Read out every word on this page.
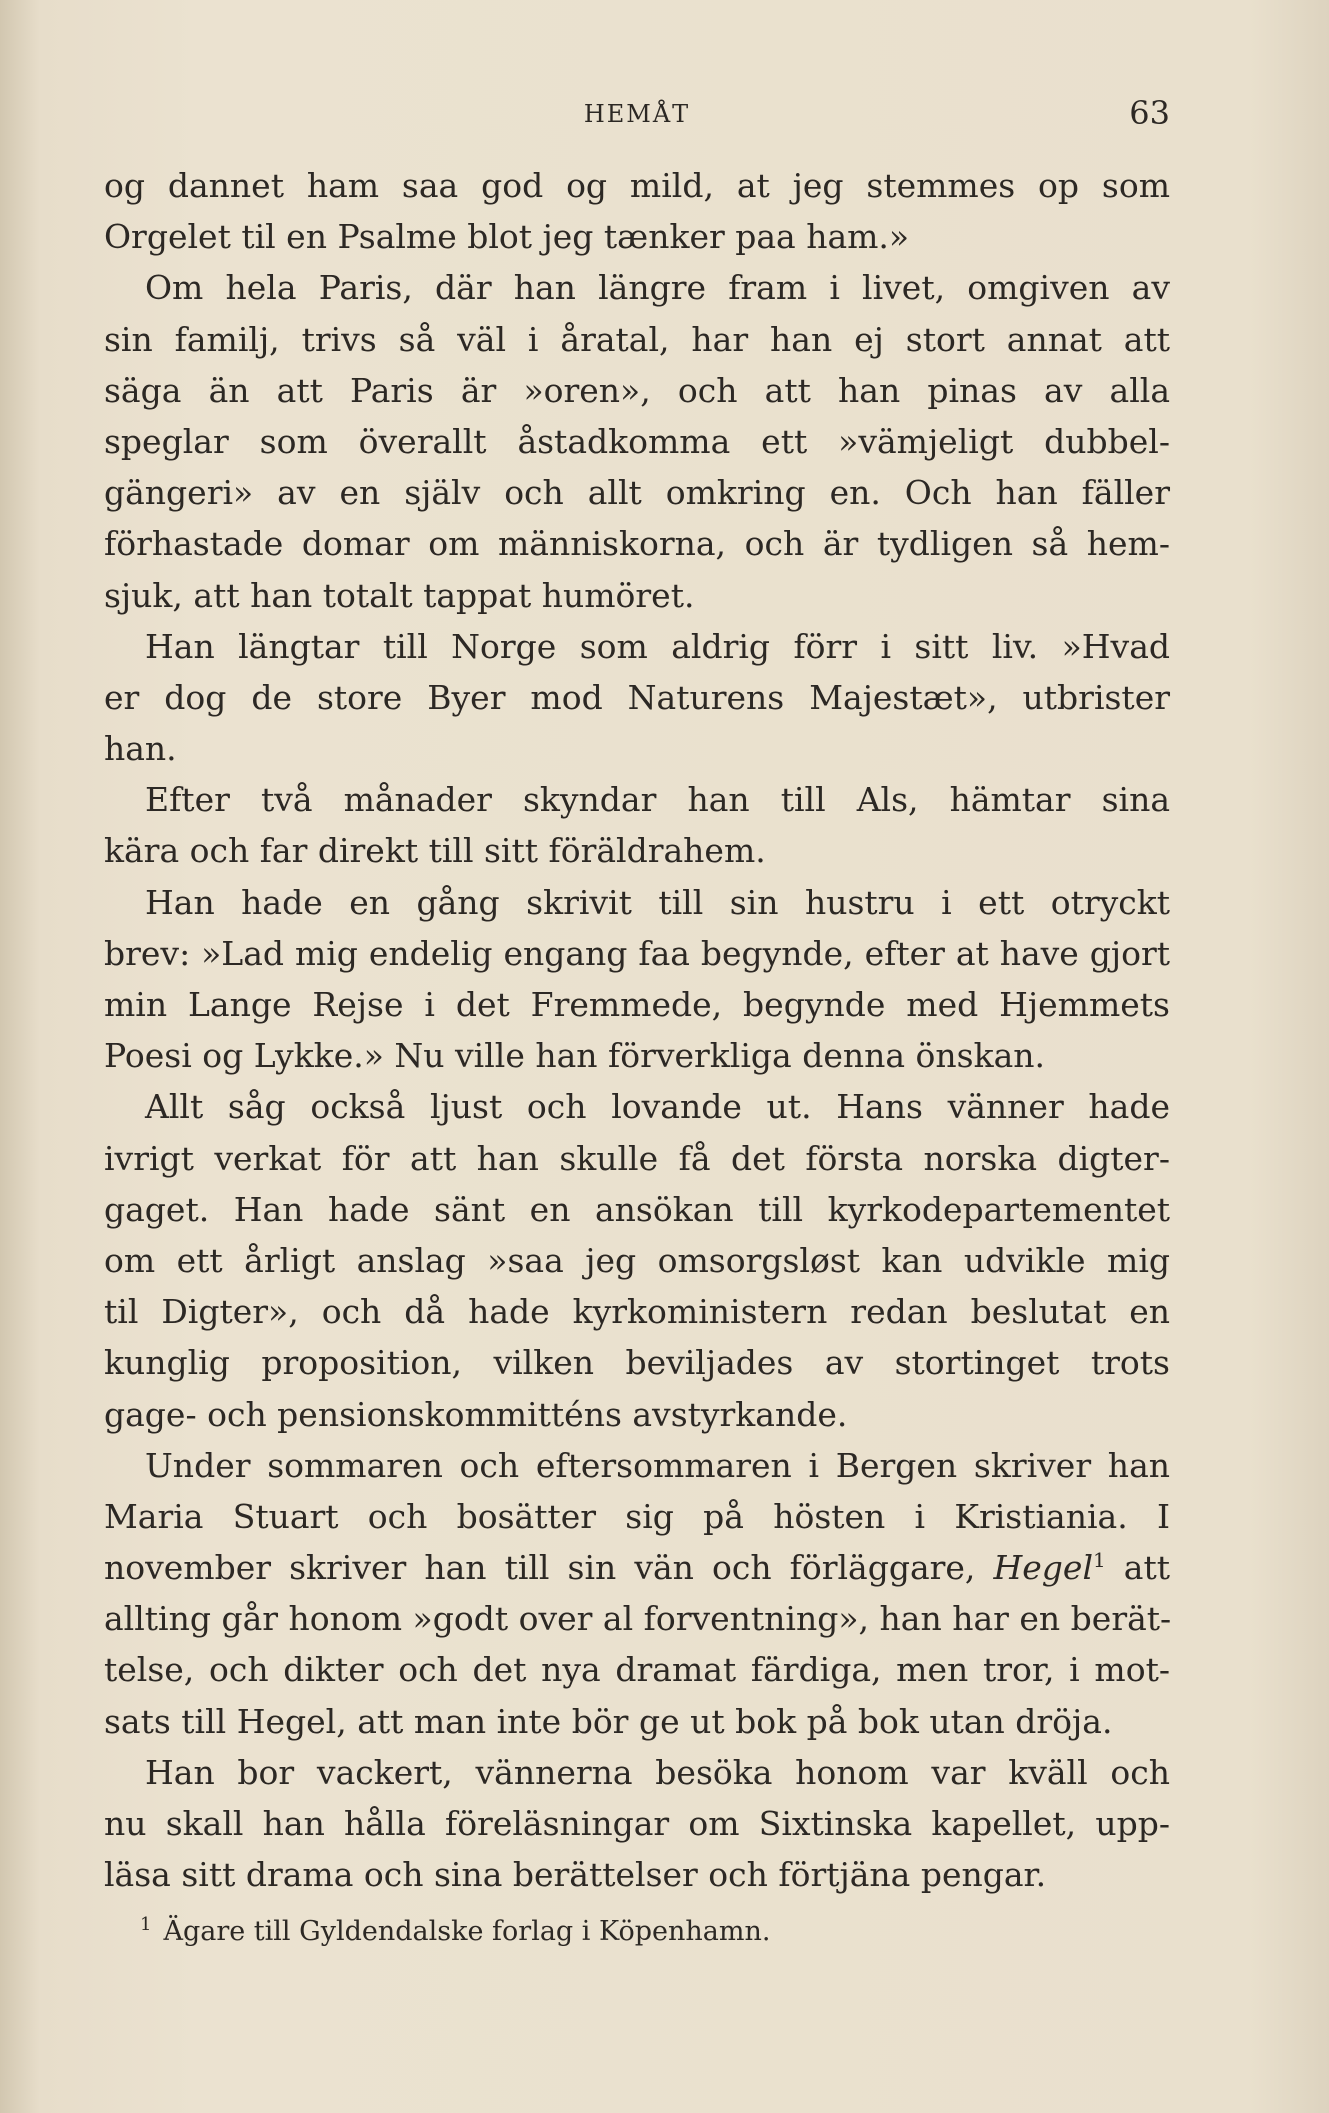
HEMÅT	63
og dannet ham saa god og mild, at jeg stemmes op som
Orgelet til en Psalme blot jeg tænker paa ham.»
Om hela Paris, där han längre fram i livet, omgiven av
sin familj, trivs så väl i åratal, har han ej stort annat att
säga än att Paris är »oren», och att han pinas av alla
speglar som överallt åstadkomma ett »vämjeligt dubbel-
gängeri» av en själv och allt omkring en. Och han fäller
förhastade domar om människorna, och är tydligen så hem-
sjuk, att han totalt tappat humöret.
Han längtar till Norge som aldrig förr i sitt liv. »Hvad
er dog de store Byer mod Naturens Majestæt», utbrister
han.
Efter två månader skyndar han till Als, hämtar sina
kära och far direkt till sitt föräldrahem.
Han hade en gång skrivit till sin hustru i ett otryckt
brev: »Lad mig endelig engang faa begynde, efter at have gjort
min Lange Rejse i det Fremmede, begynde med Hjemmets
Poesi og Lykke.» Nu ville han förverkliga denna önskan.
Allt såg också ljust och lovande ut. Hans vänner hade
ivrigt verkat för att han skulle få det första norska digter-
gaget. Han hade sänt en ansökan till kyrkodepartementet
om ett årligt anslag »saa jeg omsorgsløst kan udvikle mig
til Digter», och då hade kyrkoministern redan beslutat en
kunglig proposition, vilken beviljades av stortinget trots
gage- och pensionskommitténs avstyrkande.
Under sommaren och eftersommaren i Bergen skriver han
Maria Stuart och bosätter sig på hösten i Kristiania. I
november skriver han till sin vän och förläggare, Hegel$^1$ att
allting går honom »godt over al forventning», han har en berät-
telse, och dikter och det nya dramat färdiga, men tror, i mot-
sats till Hegel, att man inte bör ge ut bok på bok utan dröja.
Han bor vackert, vännerna besöka honom var kväll och
nu skall han hålla föreläsningar om Sixtinska kapellet, upp-
läsa sitt drama och sina berättelser och förtjäna pengar.
$^1$ Ägare till Gyldendalske forlag i Köpenhamn.
